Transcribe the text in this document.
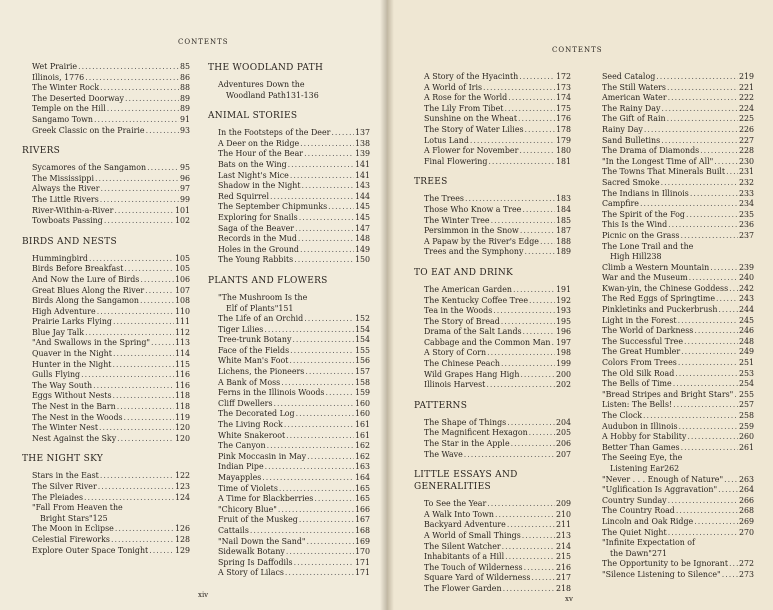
CONTENTS
Wet Prairie .....	85
Illinois, 1776 .....	86
The Winter Rock .....	88
The Deserted Doorway .....	89
Temple on the Hill .....	89
Sangamo Town .....	91
Greek Classic on the Prairie .....	93
RIVERS
Sycamores of the Sangamon .....	95
The Mississippi .....	96
Always the River .....	97
The Little Rivers .....	99
River-Within-a-River .....	101
Towboats Passing .....	102
BIRDS AND NESTS
Hummingbird .....	105
Birds Before Breakfast .....	105
And Now the Lure of Birds .....	106
Great Blues Along the River .....	107
Birds Along the Sangamon .....	108
High Adventure .....	110
Prairie Larks Flying .....	111
Blue Jay Talk .....	112
"And Swallows in the Spring" .....	113
Quaver in the Night .....	114
Hunter in the Night .....	115
Gulls Flying .....	116
The Way South .....	116
Eggs Without Nests .....	118
The Nest in the Barn .....	118
The Nest in the Woods .....	119
The Winter Nest .....	120
Nest Against the Sky .....	120
THE NIGHT SKY
Stars in the East .....	122
The Silver River .....	123
The Pleiades .....	124
"Fall From Heaven the
Bright Stars" 125
The Moon in Eclipse .....	126
Celestial Fireworks .....	128
Explore Outer Space Tonight .....	129
THE WOODLAND PATH
Adventures Down the
Woodland Path 131-136
ANIMAL STORIES
In the Footsteps of the Deer .....	137
A Deer on the Ridge .....	138
The Hour of the Bear .....	139
Bats on the Wing .....	141
Last Night's Mice .....	141
Shadow in the Night .....	143
Red Squirrel .....	144
The September Chipmunks .....	145
Exploring for Snails .....	145
Saga of the Beaver .....	147
Records in the Mud .....	148
Holes in the Ground .....	149
The Young Rabbits .....	150
PLANTS AND FLOWERS
"The Mushroom Is the
Elf of Plants" 151
The Life of an Orchid .....	152
Tiger Lilies .....	154
Tree-trunk Botany .....	154
Face of the Fields .....	155
White Man's Foot .....	156
Lichens, the Pioneers .....	157
A Bank of Moss .....	158
Ferns in the Illinois Woods .....	159
Cliff Dwellers .....	160
The Decorated Log .....	160
The Living Rock .....	161
White Snakeroot .....	161
The Canyon .....	162
Pink Moccasin in May .....	162
Indian Pipe .....	163
Mayapples .....	164
Time of Violets .....	165
A Time for Blackberries .....	165
"Chicory Blue" .....	166
Fruit of the Muskeg .....	167
Cattails .....	168
"Nail Down the Sand" .....	169
Sidewalk Botany .....	170
Spring Is Daffodils .....	171
A Story of Lilacs .....	171
xiv
CONTENTS
A Story of the Hyacinth .....	172
A World of Iris .....	173
A Rose for the World .....	174
The Lily From Tibet .....	175
Sunshine on the Wheat .....	176
The Story of Water Lilies .....	178
Lotus Land .....	179
A Flower for November .....	180
Final Flowering .....	181
TREES
The Trees .....	183
Those Who Know a Tree .....	184
The Winter Tree .....	185
Persimmon in the Snow .....	187
A Papaw by the River's Edge ..... 188
Trees and the Symphony .....	189
TO EAT AND DRINK
The American Garden .....	191
The Kentucky Coffee Tree .....	192
Tea in the Woods .....	193
The Story of Bread .....	195
Drama of the Salt Lands .....	196
Cabbage and the Common Man ..... 197
A Story of Corn .....	198
The Chinese Peach .....	199
Wild Grapes Hang High .....	200
Illinois Harvest .....	202
PATTERNS
The Shape of Things .....	204
The Magnificent Hexagon .....	205
The Star in the Apple .....	206
The Wave .....	207
LITTLE ESSAYS AND
GENERALITIES
To See the Year .....	209
A Walk Into Town .....	210
Backyard Adventure .....	211
A World of Small Things .....	213
The Silent Watcher .....	214
Inhabitants of a Hill .....	215
The Touch of Wilderness .....	216
Square Yard of Wilderness .....	217
The Flower Garden .....	218
Seed Catalog .....	219
The Still Waters .....	221
American Water .....	222
The Rainy Day .....	224
The Gift of Rain .....	225
Rainy Day .....	226
Sand Bulletins .....	227
The Drama of Diamonds .....	228
"In the Longest Time of All" .....	230
The Towns That Minerals Built ..... 231
Sacred Smoke .....	232
The Indians in Illinois .....	233
Campfire .....	234
The Spirit of the Fog .....	235
This Is the Wind .....	236
Picnic on the Grass .....	237
The Lone Trail and the
High Hill 238
Climb a Western Mountain .....	239
War and the Museum .....	240
Kwan-yin, the Chinese Goddess ..... 242
The Red Eggs of Springtime .....	243
Pinkletinks and Puckerbrush .....	244
Light in the Forest .....	245
The World of Darkness .....	246
The Successful Tree .....	248
The Great Humbler .....	249
Colors From Trees .....	251
The Old Silk Road .....	253
The Bells of Time .....	254
"Bread Stripes and Bright Stars" ..... 255
Listen: The Bells! .....	257
The Clock .....	258
Audubon in Illinois .....	259
A Hobby for Stability .....	260
Better Than Games .....	261
The Seeing Eye, the
Listening Ear 262
"Never . . . Enough of Nature" ..... 263
"Uglification Is Aggravation" .....	264
Country Sunday .....	266
The Country Road .....	268
Lincoln and Oak Ridge .....	269
The Quiet Night .....	270
"Infinite Expectation of
the Dawn" 271
The Opportunity to be Ignorant ..... 272
"Silence Listening to Silence" ..... 273
xv
